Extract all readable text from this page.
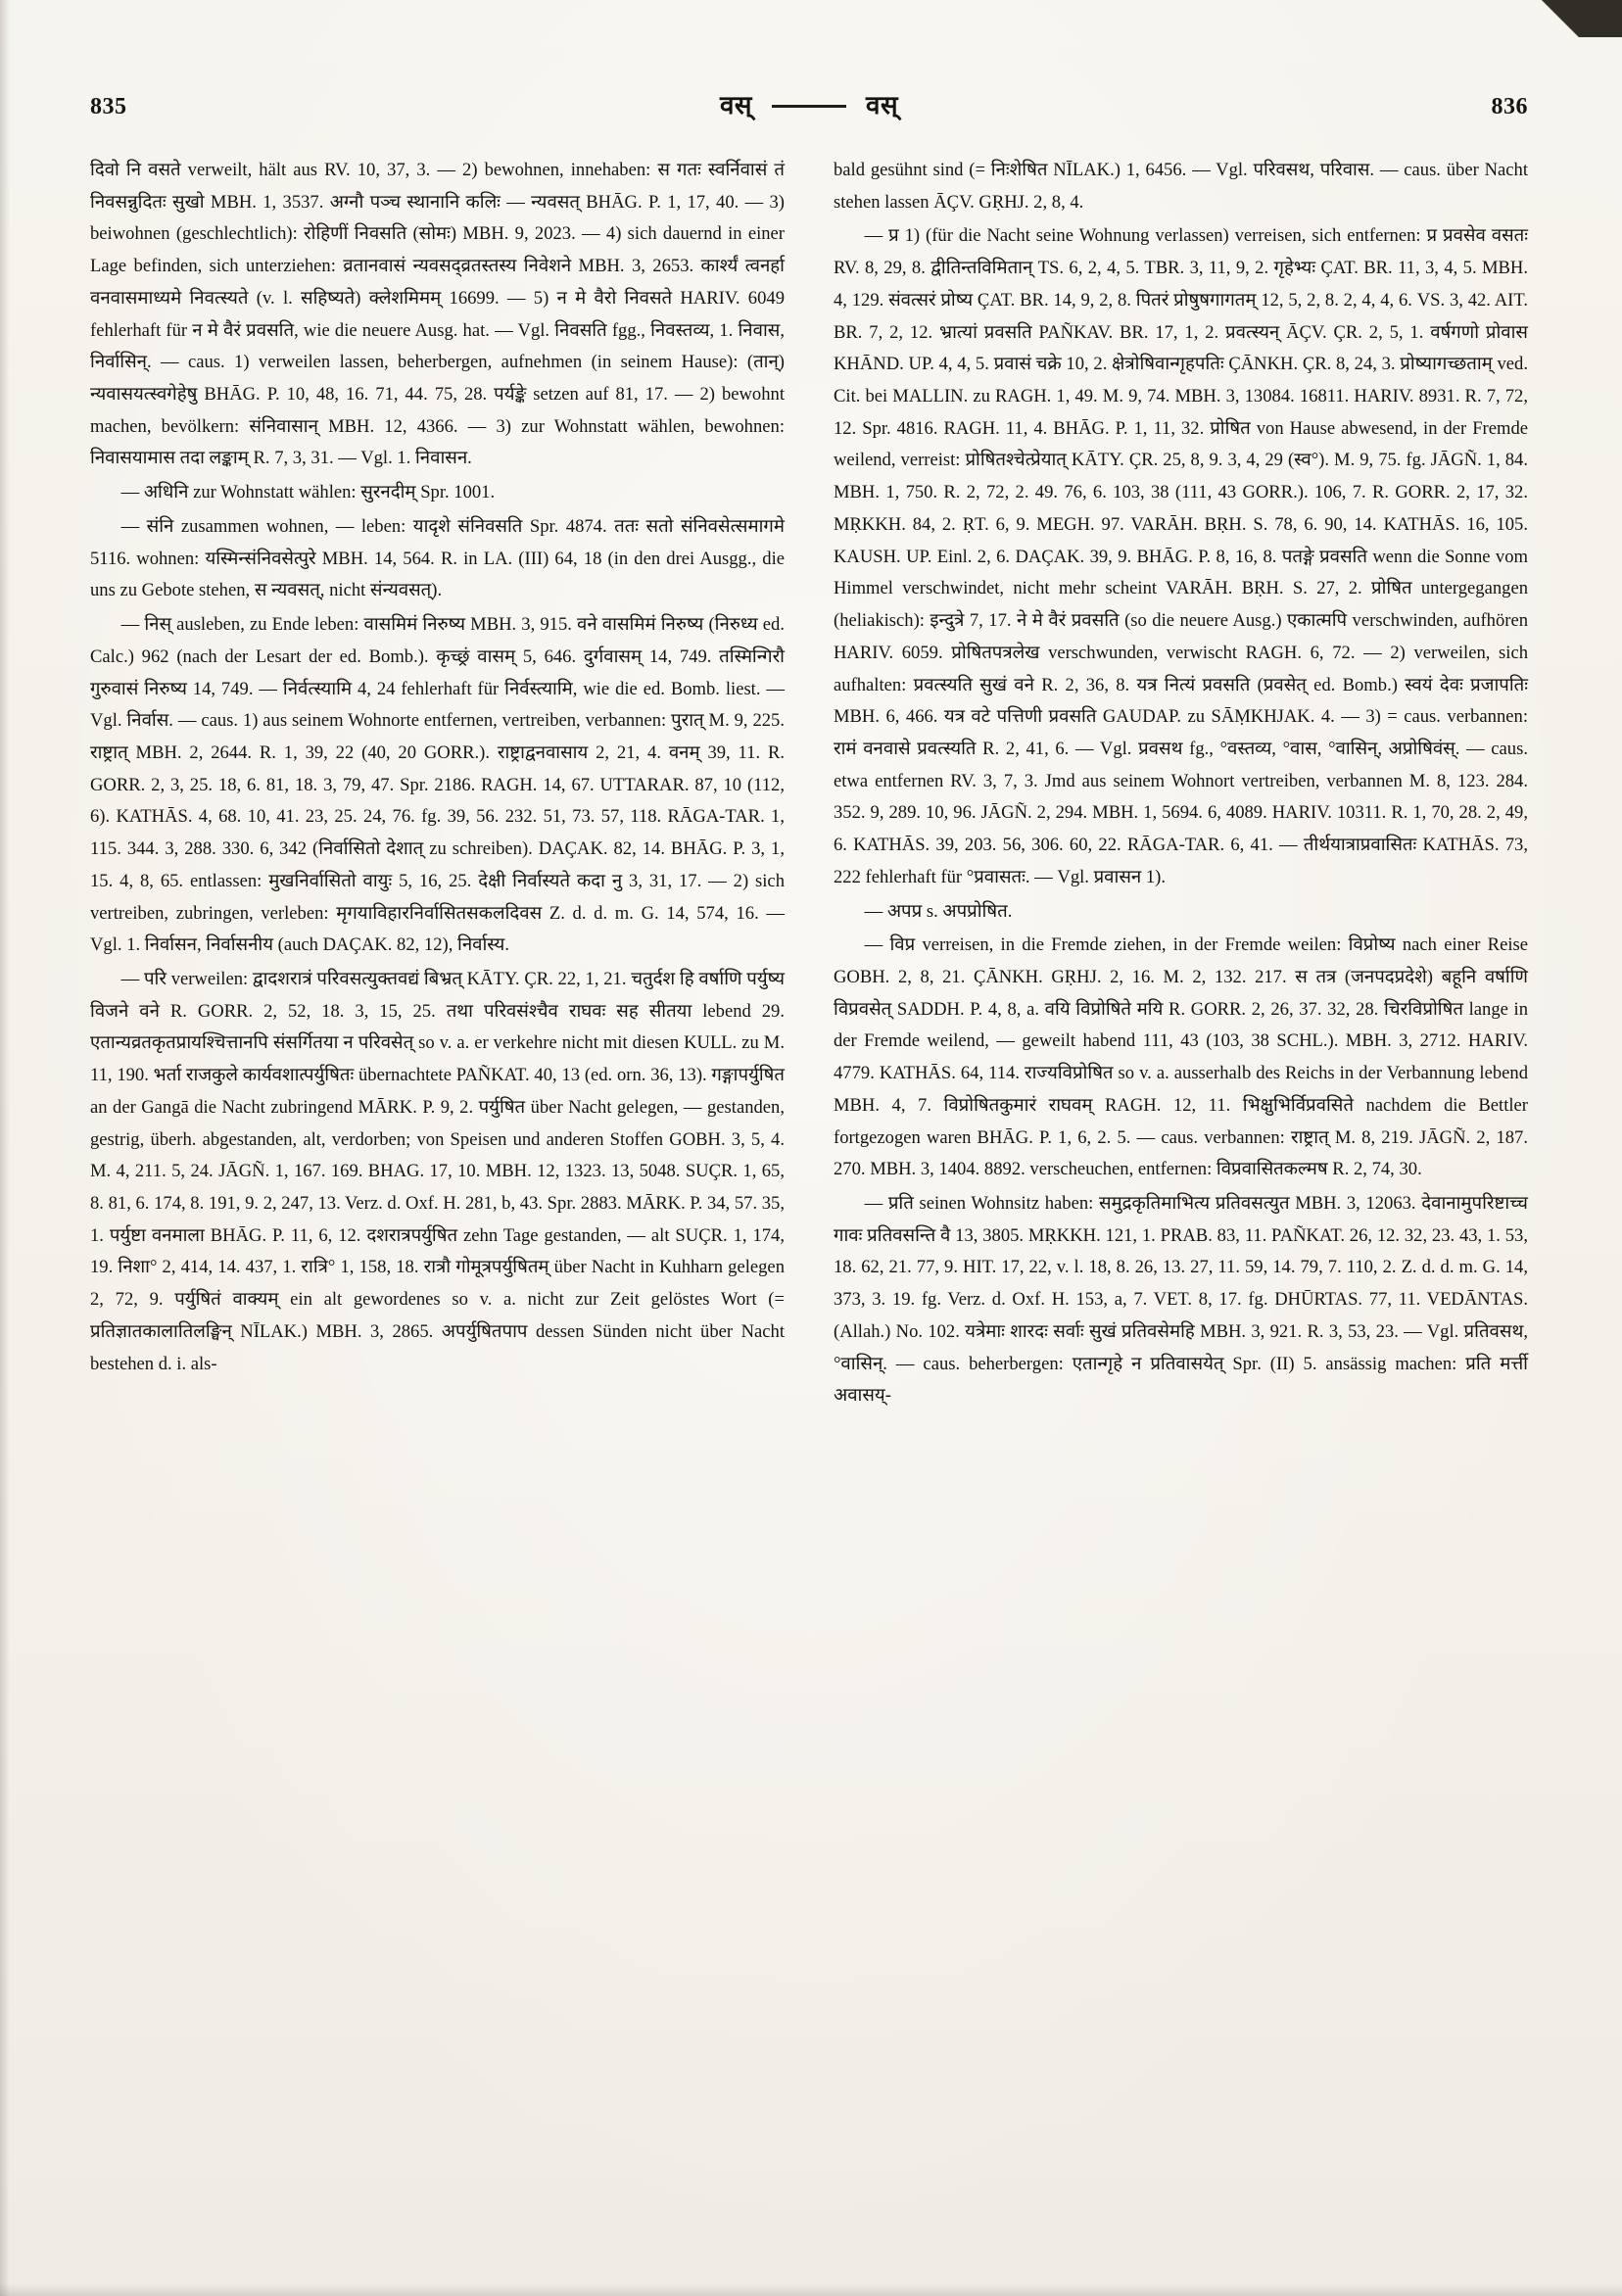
835	वस्	वस्	836

दिवो नि वसते verweilt, hält aus RV. 10, 37, 3. — 2) bewohnen, innehaben: स गतः स्वर्निवासं तं निवसन्नुदितः सुखो MBH. 1, 3537. अग्नौ पञ्च स्थानानि कलिः — न्यवसत् BHĀG. P. 1, 17, 40. — 3) beiwohnen (geschlechtlich): रोहिणीं निवसति (सोमः) MBH. 9, 2023. — 4) sich dauernd in einer Lage befinden, sich unterziehen: व्रतानवासं न्यवसद्व्रतस्तस्य निवेशने MBH. 3, 2653. कार्श्यं त्वनर्हा वनवासमाध्यमे निवत्स्यते (v. l. सहिष्यते) क्लेशमिमम् 16699. — 5) न मे वैरो निवसते HARIV. 6049 fehlerhaft für न मे वैरं प्रवसति, wie die neuere Ausg. hat. — Vgl. निवसति fgg., निवस्तव्य, 1. निवास, निर्वासिन्. — caus. 1) verweilen lassen, beherbergen, aufnehmen (in seinem Hause): (तान्) न्यवासयत्स्वगेहेषु BHĀG. P. 10, 48, 16. 71, 44. 75, 28. पर्यङ्के setzen auf 81, 17. — 2) bewohnt machen, bevölkern: संनिवासान् MBH. 12, 4366. — 3) zur Wohnstatt wählen, bewohnen: निवासयामास तदा लङ्काम् R. 7, 3, 31. — Vgl. 1. निवासन.

— अधिनि zur Wohnstatt wählen: सुरनदीम् Spr. 1001.

— संनि zusammen wohnen, — leben: यादृशे संनिवसति Spr. 4874. ततः सतो संनिवसेत्समागमे 5116. wohnen: यस्मिन्संनिवसेत्पुरे MBH. 14, 564. R. in LA. (III) 64, 18 (in den drei Ausgg., die uns zu Gebote stehen, स न्यवसत्, nicht संन्यवसत्).

— निस् ausleben, zu Ende leben: वासमिमं निरुष्य MBH. 3, 915. वने वासमिमं निरुष्य (निरुध्य ed. Calc.) 962 (nach der Lesart der ed. Bomb.). कृच्छ्रं वासम् 5, 646. दुर्गवासम् 14, 749. तस्मिन्गिरौ गुरुवासं निरुष्य 14, 749. — निर्वत्स्यामि 4, 24 fehlerhaft für निर्वस्त्यामि, wie die ed. Bomb. liest. — Vgl. निर्वास. — caus. 1) aus seinem Wohnorte entfernen, vertreiben, verbannen: पुरात् M. 9, 225. राष्ट्रात् MBH. 2, 2644. R. 1, 39, 22 (40, 20 GORR.). राष्ट्राद्वनवासाय 2, 21, 4. वनम् 39, 11. R. GORR. 2, 3, 25. 18, 6. 81, 18. 3, 79, 47. Spr. 2186. RAGH. 14, 67. UTTARAR. 87, 10 (112, 6). KATHĀS. 4, 68. 10, 41. 23, 25. 24, 76. fg. 39, 56. 232. 51, 73. 57, 118. RĀGA-TAR. 1, 115. 344. 3, 288. 330. 6, 342 (निर्वासितो देशात् zu schreiben). DAÇAK. 82, 14. BHĀG. P. 3, 1, 15. 4, 8, 65. entlassen: मुखनिर्वासितो वायुः 5, 16, 25. देक्षी निर्वास्यते कदा नु 3, 31, 17. — 2) sich vertreiben, zubringen, verleben: मृगयाविहारनिर्वासितसकलदिवस Z. d. d. m. G. 14, 574, 16. — Vgl. 1. निर्वासन, निर्वासनीय (auch DAÇAK. 82, 12), निर्वास्य.

— परि verweilen: द्वादशरात्रं परिवसत्युक्तवद्यं बिभ्रत् KĀTY. ÇR. 22, 1, 21. चतुर्दश हि वर्षाणि पर्युष्य विजने वने R. GORR. 2, 52, 18. 3, 15, 25. तथा परिवसंश्चैव राघवः सह सीतया lebend 29. एतान्यव्रतकृतप्रायश्चित्तानपि संसर्गितया न परिवसेत् so v. a. er verkehre nicht mit diesen KULL. zu M. 11, 190. भर्ता राजकुले कार्यवशात्पर्युषितः übernachtete PAÑKAT. 40, 13 (ed. orn. 36, 13). गङ्गापर्युषित an der Gangā die Nacht zubringend MĀRK. P. 9, 2. पर्युषित über Nacht gelegen, — gestanden, gestrig, überh. abgestanden, alt, verdorben; von Speisen und anderen Stoffen GOBH. 3, 5, 4. M. 4, 211. 5, 24. JĀGÑ. 1, 167. 169. BHAG. 17, 10. MBH. 12, 1323. 13, 5048. SUÇR. 1, 65, 8. 81, 6. 174, 8. 191, 9. 2, 247, 13. Verz. d. Oxf. H. 281, b, 43. Spr. 2883. MĀRK. P. 34, 57. 35, 1. पर्युष्टा वनमाला BHĀG. P. 11, 6, 12. दशरात्रपर्युषित zehn Tage gestanden, — alt SUÇR. 1, 174, 19. निशा° 2, 414, 14. 437, 1. रात्रि° 1, 158, 18. रात्रौ गोमूत्रपर्युषितम् über Nacht in Kuhharn gelegen 2, 72, 9. पर्युषितं वाक्यम् ein alt gewordenes so v. a. nicht zur Zeit gelöstes Wort (= प्रतिज्ञातकालातिलङ्घिन् NĪLAK.) MBH. 3, 2865. अपर्युषितपाप dessen Sünden nicht über Nacht bestehen d. i. als-

bald gesühnt sind (= निःशेषित NĪLAK.) 1, 6456. — Vgl. परिवसथ, परिवास. — caus. über Nacht stehen lassen ĀÇV. GṚHJ. 2, 8, 4.

— प्र 1) (für die Nacht seine Wohnung verlassen) verreisen, sich entfernen: प्र प्रवसेव वसतः RV. 8, 29, 8. द्वीतिन्तविमितान् TS. 6, 2, 4, 5. TBR. 3, 11, 9, 2. गृहेभ्यः ÇAT. BR. 11, 3, 4, 5. MBH. 4, 129. संवत्सरं प्रोष्य ÇAT. BR. 14, 9, 2, 8. पितरं प्रोषुषगागतम् 12, 5, 2, 8. 2, 4, 4, 6. VS. 3, 42. AIT. BR. 7, 2, 12. भ्रात्यां प्रवसति PAÑKAV. BR. 17, 1, 2. प्रवत्स्यन् ĀÇV. ÇR. 2, 5, 1. वर्षगणो प्रोवास KHĀND. UP. 4, 4, 5. प्रवासं चक्रे 10, 2. क्षेत्रोषिवान्गृहपतिः ÇĀNKH. ÇR. 8, 24, 3. प्रोष्यागच्छताम् ved. Cit. bei MALLIN. zu RAGH. 1, 49. M. 9, 74. MBH. 3, 13084. 16811. HARIV. 8931. R. 7, 72, 12. Spr. 4816. RAGH. 11, 4. BHĀG. P. 1, 11, 32. प्रोषित von Hause abwesend, in der Fremde weilend, verreist: प्रोषितश्चेत्प्रेयात् KĀTY. ÇR. 25, 8, 9. 3, 4, 29 (स्व°). M. 9, 75. fg. JĀGÑ. 1, 84. MBH. 1, 750. R. 2, 72, 2. 49. 76, 6. 103, 38 (111, 43 GORR.). 106, 7. R. GORR. 2, 17, 32. MṚKKH. 84, 2. ṚT. 6, 9. MEGH. 97. VARĀH. BṚH. S. 78, 6. 90, 14. KATHĀS. 16, 105. KAUSH. UP. Einl. 2, 6. DAÇAK. 39, 9. BHĀG. P. 8, 16, 8. पतङ्गे प्रवसति wenn die Sonne vom Himmel verschwindet, nicht mehr scheint VARĀH. BṚH. S. 27, 2. प्रोषित untergegangen (heliakisch): इन्दुत्रे 7, 17. ने मे वैरं प्रवसति (so die neuere Ausg.) एकात्मपि verschwinden, aufhören HARIV. 6059. प्रोषितपत्रलेख verschwunden, verwischt RAGH. 6, 72. — 2) verweilen, sich aufhalten: प्रवत्स्यति सुखं वने R. 2, 36, 8. यत्र नित्यं प्रवसति (प्रवसेत् ed. Bomb.) स्वयं देवः प्रजापतिः MBH. 6, 466. यत्र वटे पत्तिणी प्रवसति GAUDAP. zu SĀṂKHJAK. 4. — 3) = caus. verbannen: रामं वनवासे प्रवत्स्यति R. 2, 41, 6. — Vgl. प्रवसथ fg., °वस्तव्य, °वास, °वासिन्, अप्रोषिवंस्. — caus. etwa entfernen RV. 3, 7, 3. Jmd aus seinem Wohnort vertreiben, verbannen M. 8, 123. 284. 352. 9, 289. 10, 96. JĀGÑ. 2, 294. MBH. 1, 5694. 6, 4089. HARIV. 10311. R. 1, 70, 28. 2, 49, 6. KATHĀS. 39, 203. 56, 306. 60, 22. RĀGA-TAR. 6, 41. — तीर्थयात्राप्रवासितः KATHĀS. 73, 222 fehlerhaft für °प्रवासतः. — Vgl. प्रवासन 1).

— अपप्र s. अपप्रोषित.

— विप्र verreisen, in die Fremde ziehen, in der Fremde weilen: विप्रोष्य nach einer Reise GOBH. 2, 8, 21. ÇĀNKH. GṚHJ. 2, 16. M. 2, 132. 217. स तत्र (जनपदप्रदेशे) बहूनि वर्षाणि विप्रवसेत् SADDH. P. 4, 8, a. वयि विप्रोषिते मयि R. GORR. 2, 26, 37. 32, 28. चिरविप्रोषित lange in der Fremde weilend, — geweilt habend 111, 43 (103, 38 SCHL.). MBH. 3, 2712. HARIV. 4779. KATHĀS. 64, 114. राज्यविप्रोषित so v. a. ausserhalb des Reichs in der Verbannung lebend MBH. 4, 7. विप्रोषितकुमारं राघवम् RAGH. 12, 11. भिक्षुभिर्विप्रवसिते nachdem die Bettler fortgezogen waren BHĀG. P. 1, 6, 2. 5. — caus. verbannen: राष्ट्रात् M. 8, 219. JĀGÑ. 2, 187. 270. MBH. 3, 1404. 8892. verscheuchen, entfernen: विप्रवासितकल्मष R. 2, 74, 30.

— प्रति seinen Wohnsitz haben: समुद्रकृतिमाभित्य प्रतिवसत्युत MBH. 3, 12063. देवानामुपरिष्टाच्च गावः प्रतिवसन्ति वै 13, 3805. MṚKKH. 121, 1. PRAB. 83, 11. PAÑKAT. 26, 12. 32, 23. 43, 1. 53, 18. 62, 21. 77, 9. HIT. 17, 22, v. l. 18, 8. 26, 13. 27, 11. 59, 14. 79, 7. 110, 2. Z. d. d. m. G. 14, 373, 3. 19. fg. Verz. d. Oxf. H. 153, a, 7. VET. 8, 17. fg. DHŪRTAS. 77, 11. VEDĀNTAS. (Allah.) No. 102. यत्रेमाः शारदः सर्वाः सुखं प्रतिवसेमहि MBH. 3, 921. R. 3, 53, 23. — Vgl. प्रतिवसथ, °वासिन्. — caus. beherbergen: एतान्गृहे न प्रतिवासयेत् Spr. (II) 5. ansässig machen: प्रति मर्त्ती अवासय्-
